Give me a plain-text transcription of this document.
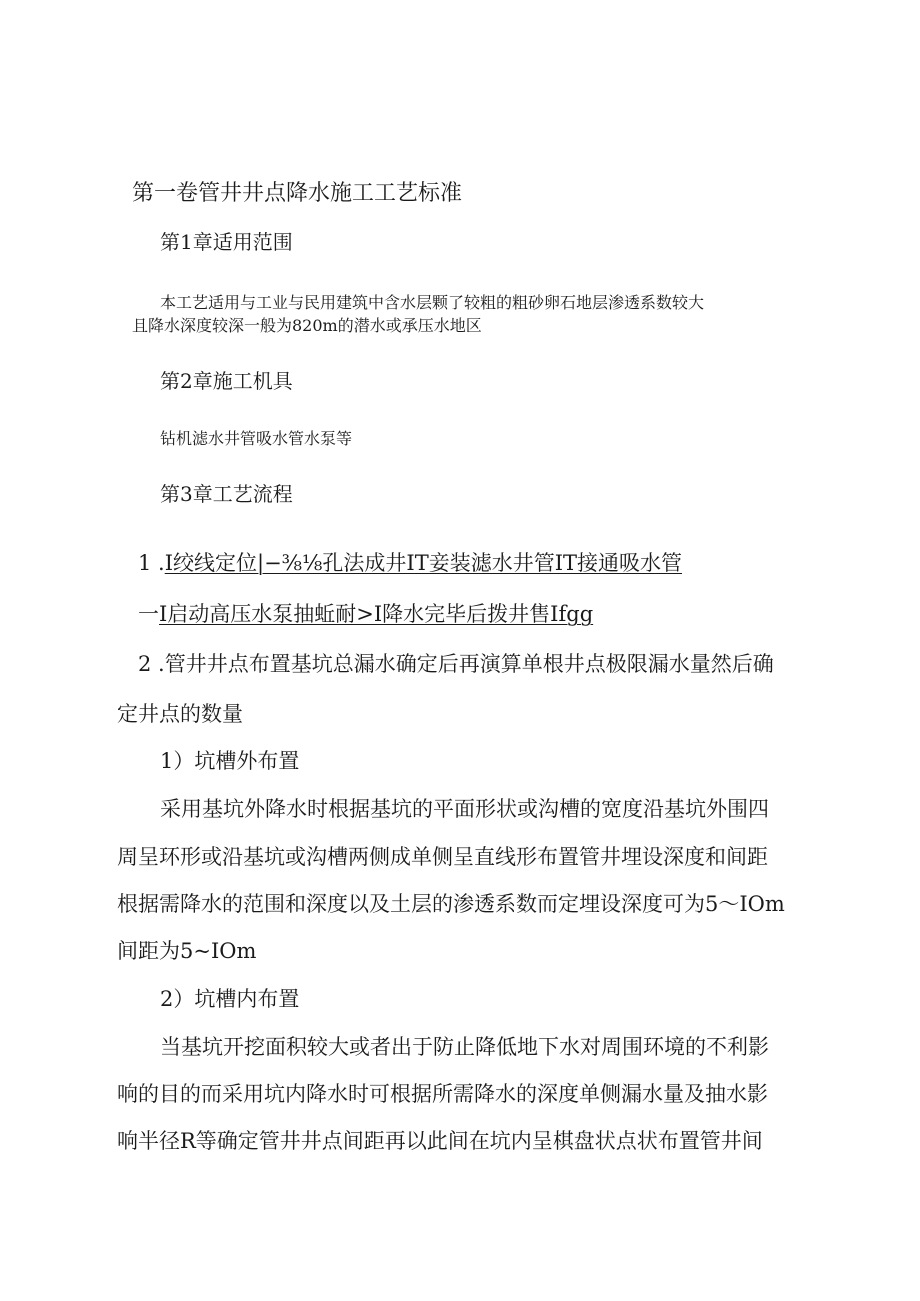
第一卷管井井点降水施工工艺标准

第1章适用范围

本工艺适用与工业与民用建筑中含水层颗了较粗的粗砂卵石地层渗透系数较大

且降水深度较深一般为820m的潜水或承压水地区

第2章施工机具

钻机滤水井管吸水管水泵等

第3章工艺流程

1 .I绞线定位|−⅜⅛孔法成井IT妾装滤水井管IT接通吸水管

一I启动高压水泵抽蚯耐>I降水完毕后拨井售Ifgg

2 .管井井点布置基坑总漏水确定后再演算单根井点极限漏水量然后确

定井点的数量

1）坑槽外布置

采用基坑外降水时根据基坑的平面形状或沟槽的宽度沿基坑外围四

周呈环形或沿基坑或沟槽两侧成单侧呈直线形布置管井埋设深度和间距

根据需降水的范围和深度以及土层的渗透系数而定埋设深度可为5～IOm

间距为5~IOm

2）坑槽内布置

当基坑开挖面积较大或者出于防止降低地下水对周围环境的不利影

响的目的而采用坑内降水时可根据所需降水的深度单侧漏水量及抽水影

响半径R等确定管井井点间距再以此间在坑内呈棋盘状点状布置管井间
